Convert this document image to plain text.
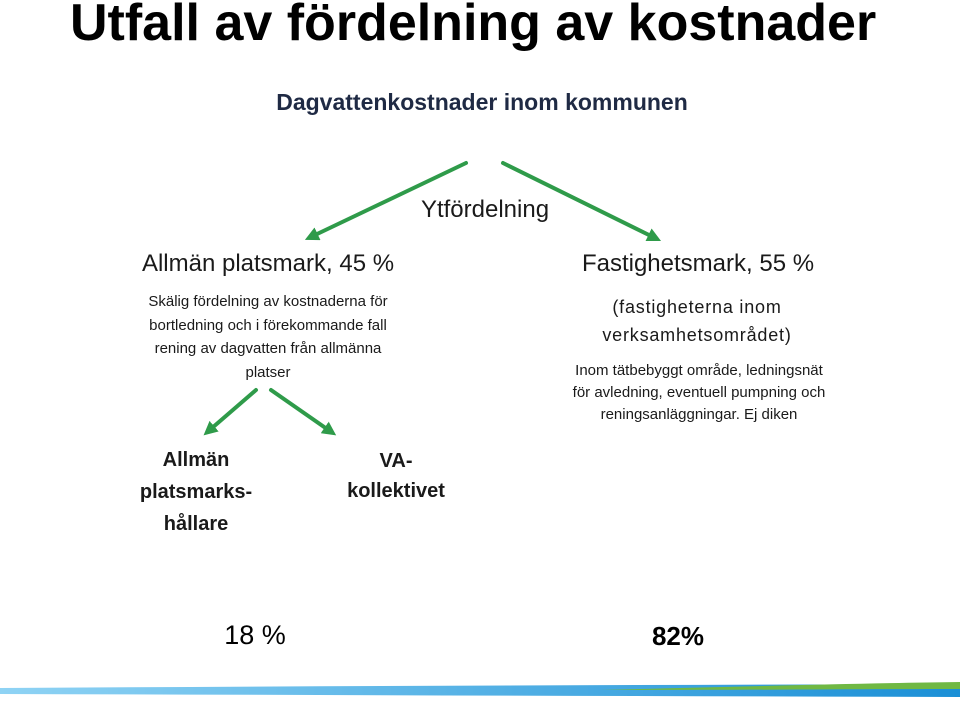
Utfall av fördelning av kostnader
Dagvattenkostnader inom kommunen
Ytfördelning
Allmän platsmark, 45 %	Fastighetsmark, 55 %
Skälig fördelning av kostnaderna för
bortledning och i förekommande fall
rening av dagvatten från allmänna
platser
(fastigheterna inom
verksamhetsområdet)
Inom tätbebyggt område, ledningsnät
för avledning, eventuell pumpning och
reningsanläggningar. Ej diken
Allmän
platsmarks-
hållare
VA-
kollektivet
18 %	82%
